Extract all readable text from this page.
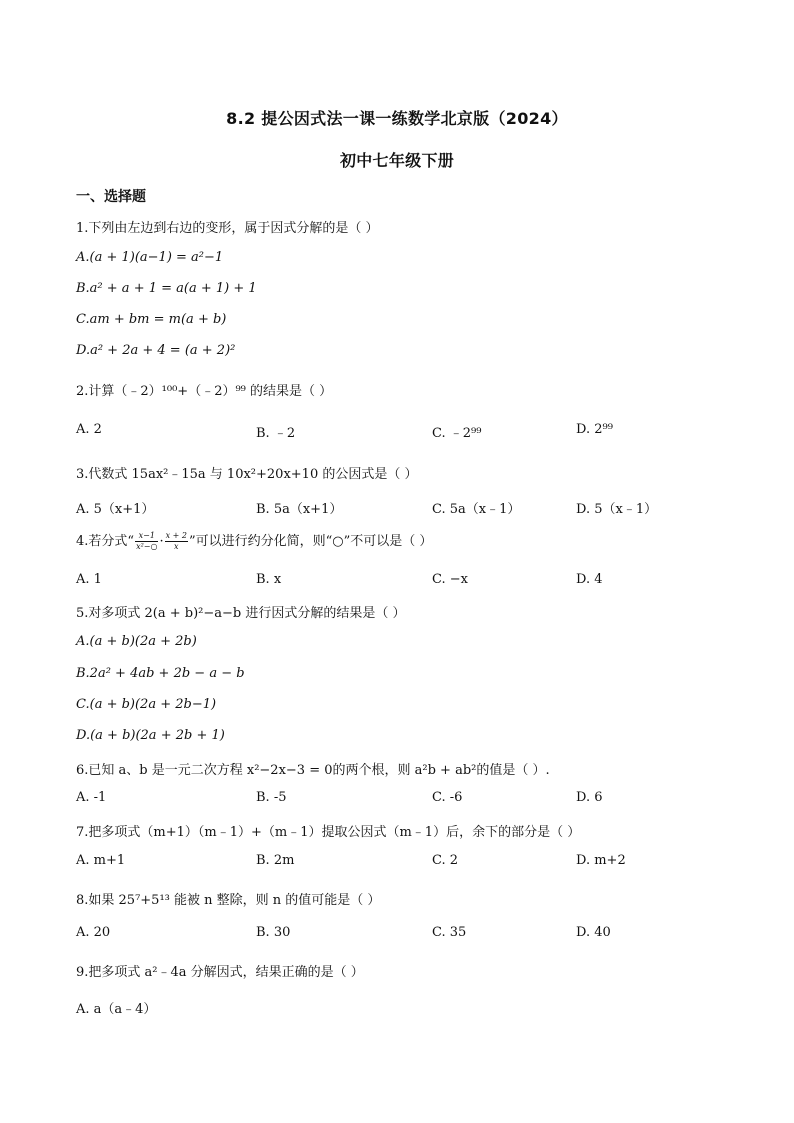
8.2 提公因式法一课一练数学北京版（2024）
初中七年级下册
一、选择题
1.下列由左边到右边的变形，属于因式分解的是（ ）
A.(a + 1)(a−1) = a²−1
B.a² + a + 1 = a(a + 1) + 1
C.am + bm = m(a + b)
D.a² + 2a + 4 = (a + 2)²
2.计算（﹣2）¹⁰⁰+（﹣2）⁹⁹ 的结果是（ ）
A. 2	B. ﹣2	C. ﹣2⁹⁹	D. 2⁹⁹
3.代数式 15ax²﹣15a 与 10x²+20x+10 的公因式是（ ）
A. 5（x+1）	B. 5a（x+1）	C. 5a（x﹣1）	D. 5（x﹣1）
4.若分式“ $\frac{x-1}{\text{x²−○}} \cdot \frac{x + 2}{x}$ ”可以进行约分化简，则“○”不可以是（ ）
A. 1	B. x	C. −x	D. 4
5.对多项式 2(a + b)²−a−b 进行因式分解的结果是（ ）
A.(a + b)(2a + 2b)
B.2a² + 4ab + 2b − a − b
C.(a + b)(2a + 2b−1)
D.(a + b)(2a + 2b + 1)
6.已知 a、b 是一元二次方程 x²−2x−3 = 0的两个根，则 a²b + ab²的值是（ ）.
A. -1	B. -5	C. -6	D. 6
7.把多项式（m+1）（m﹣1）+（m﹣1）提取公因式（m﹣1）后，余下的部分是（ ）
A. m+1	B. 2m	C. 2	D. m+2
8.如果 25⁷+5¹³ 能被 n 整除，则 n 的值可能是（ ）
A. 20	B. 30	C. 35	D. 40
9.把多项式 a²﹣4a 分解因式，结果正确的是（ ）
A. a（a﹣4）
